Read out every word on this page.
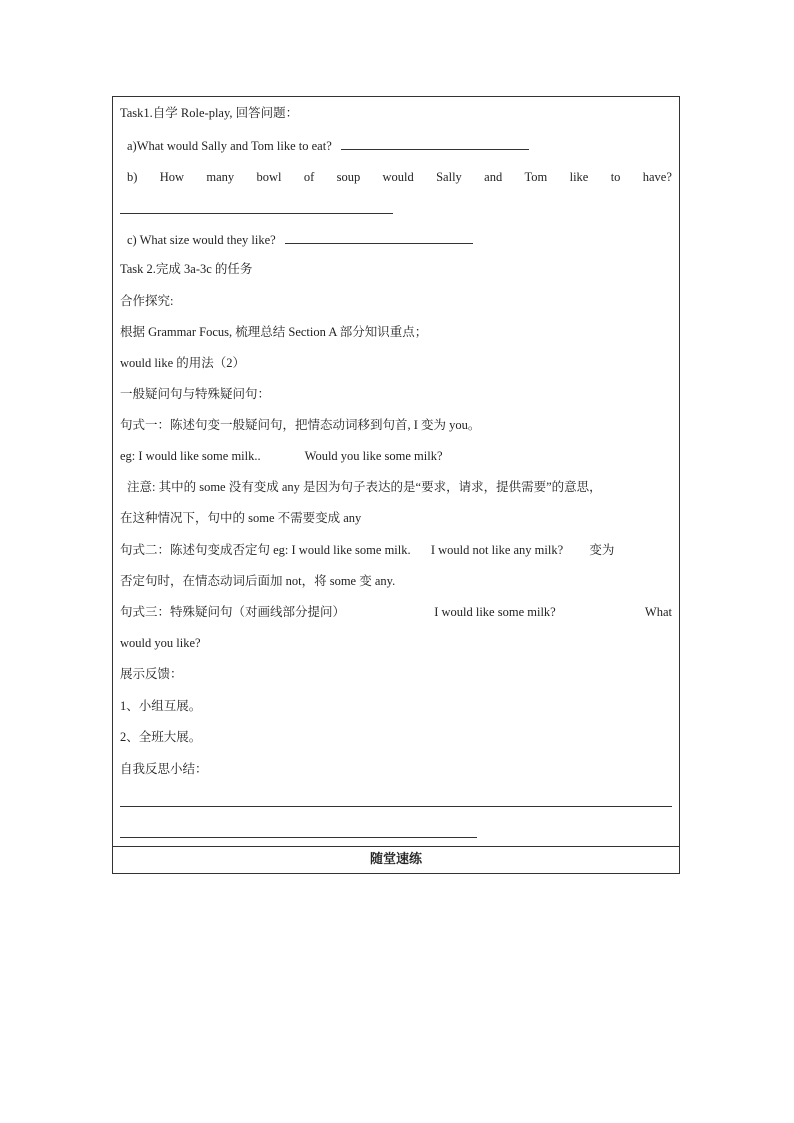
Task1.自学 Role-play, 回答问题：
a)What would Sally and Tom like to eat?
b) How many bowl of soup would Sally and Tom like to have?
c) What size would they like?
Task 2.完成 3a-3c 的任务
合作探究:
根据 Grammar Focus, 梳理总结 Section A 部分知识重点；
would like 的用法（2）
一般疑问句与特殊疑问句：
句式一：陈述句变一般疑问句，把情态动词移到句首, I 变为 you。
eg: I would like some milk..	Would you like some milk?
注意: 其中的 some 没有变成 any 是因为句子表达的是“要求，请求，提供需要”的意思，
在这种情况下，句中的 some 不需要变成 any
句式二：陈述句变成否定句 eg: I would like some milk. I would not like any milk? 变为
否定句时，在情态动词后面加 not，将 some 变 any.
句式三：特殊疑问句（对画线部分提问）	I would like some milk?	What
would you like?
展示反馈：
1、小组互展。
2、全班大展。
自我反思小结：
随堂速练
